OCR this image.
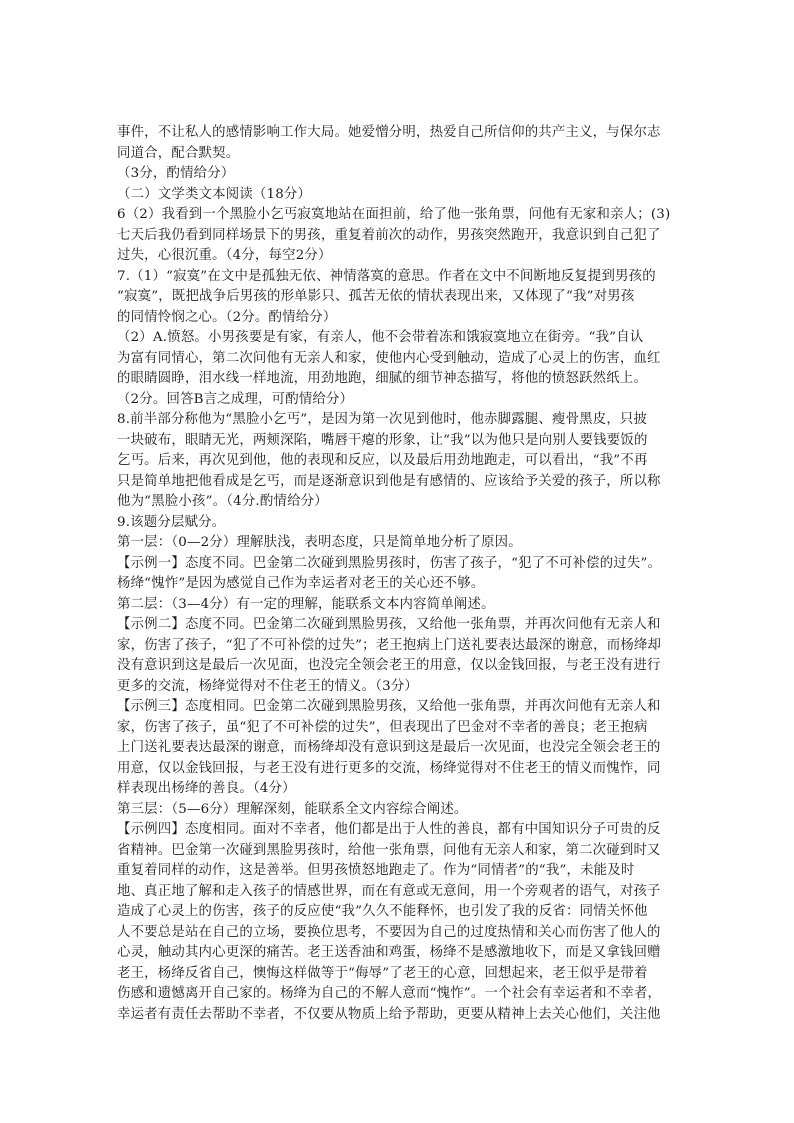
事件，不让私人的感情影响工作大局。她爱憎分明，热爱自己所信仰的共产主义，与保尔志
同道合，配合默契。
（3分，酌情给分）
（二）文学类文本阅读（18分）
6（2）我看到一个黑脸小乞丐寂寞地站在面担前，给了他一张角票，问他有无家和亲人；(3)
七天后我仍看到同样场景下的男孩，重复着前次的动作，男孩突然跑开，我意识到自己犯了
过失，心很沉重。（4分，每空2分）
7.（1）“寂寞”在文中是孤独无依、神情落寞的意思。作者在文中不间断地反复提到男孩的
“寂寞”，既把战争后男孩的形单影只、孤苦无依的情状表现出来，又体现了“我”对男孩
的同情怜悯之心。（2分。酌情给分）
（2）A.愤怒。小男孩要是有家，有亲人，他不会带着冻和饿寂寞地立在街旁。“我”自认
为富有同情心，第二次问他有无亲人和家，使他内心受到触动，造成了心灵上的伤害，血红
的眼睛圆睁，泪水线一样地流，用劲地跑，细腻的细节神态描写，将他的愤怒跃然纸上。
（2分。回答B言之成理，可酌情给分）
8.前半部分称他为“黑脸小乞丐”，是因为第一次见到他时，他赤脚露腿、瘦骨黑皮，只披
一块破布，眼睛无光，两颊深陷，嘴唇干瘪的形象，让“我”以为他只是向别人要钱要饭的
乞丐。后来，再次见到他，他的表现和反应，以及最后用劲地跑走，可以看出，“我”不再
只是简单地把他看成是乞丐，而是逐渐意识到他是有感情的、应该给予关爱的孩子，所以称
他为“黑脸小孩”。（4分.酌情给分）
9.该题分层赋分。
第一层：（0—2分）理解肤浅，表明态度，只是简单地分析了原因。
【示例一】态度不同。巴金第二次碰到黑脸男孩时，伤害了孩子，“犯了不可补偿的过失”。
杨绛“愧怍”是因为感觉自己作为幸运者对老王的关心还不够。
第二层：（3—4分）有一定的理解，能联系文本内容简单阐述。
【示例二】态度不同。巴金第二次碰到黑脸男孩，又给他一张角票，并再次问他有无亲人和
家，伤害了孩子，“犯了不可补偿的过失”；老王抱病上门送礼要表达最深的谢意，而杨绛却
没有意识到这是最后一次见面，也没完全领会老王的用意，仅以金钱回报，与老王没有进行
更多的交流，杨绛觉得对不住老王的情义。（3分）
【示例三】态度相同。巴金第二次碰到黑脸男孩，又给他一张角票，并再次问他有无亲人和
家，伤害了孩子，虽“犯了不可补偿的过失”，但表现出了巴金对不幸者的善良；老王抱病
上门送礼要表达最深的谢意，而杨绛却没有意识到这是最后一次见面，也没完全领会老王的
用意，仅以金钱回报，与老王没有进行更多的交流，杨绛觉得对不住老王的情义而愧怍，同
样表现出杨绛的善良。（4分）
第三层：（5—6分）理解深刻，能联系全文内容综合阐述。
【示例四】态度相同。面对不幸者，他们都是出于人性的善良，都有中国知识分子可贵的反
省精神。巴金第一次碰到黑脸男孩时，给他一张角票，问他有无亲人和家，第二次碰到时又
重复着同样的动作，这是善举。但男孩愤怒地跑走了。作为“同情者”的“我”，未能及时
地、真正地了解和走入孩子的情感世界，而在有意或无意间，用一个旁观者的语气，对孩子
造成了心灵上的伤害，孩子的反应使“我”久久不能释怀，也引发了我的反省：同情关怀他
人不要总是站在自己的立场，要换位思考，不要因为自己的过度热情和关心而伤害了他人的
心灵，触动其内心更深的痛苦。老王送香油和鸡蛋，杨绛不是感激地收下，而是又拿钱回赠
老王，杨绛反省自己，懊悔这样做等于“侮辱”了老王的心意，回想起来，老王似乎是带着
伤感和遗憾离开自己家的。杨绛为自己的不解人意而“愧怍”。一个社会有幸运者和不幸者，
幸运者有责任去帮助不幸者，不仅要从物质上给予帮助，更要从精神上去关心他们，关注他
